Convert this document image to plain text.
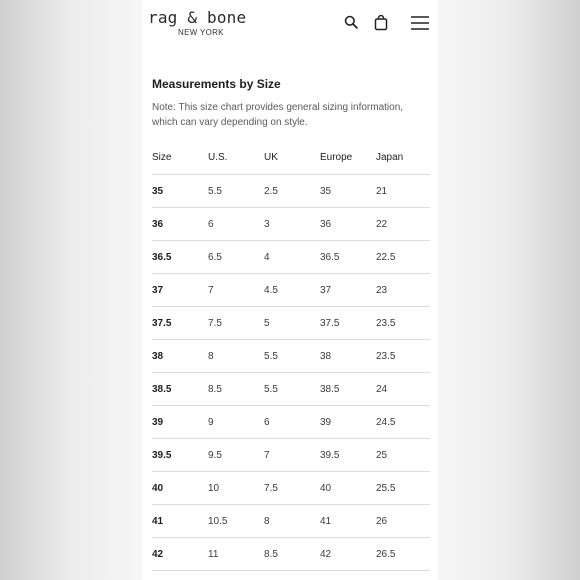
rag & bone
NEW YORK
Measurements by Size
Note: This size chart provides general sizing information, which can vary depending on style.
Size	U.S.	UK	Europe	Japan
35	5.5	2.5	35	21
36	6	3	36	22
36.5	6.5	4	36.5	22.5
37	7	4.5	37	23
37.5	7.5	5	37.5	23.5
38	8	5.5	38	23.5
38.5	8.5	5.5	38.5	24
39	9	6	39	24.5
39.5	9.5	7	39.5	25
40	10	7.5	40	25.5
41	10.5	8	41	26
42	11	8.5	42	26.5
